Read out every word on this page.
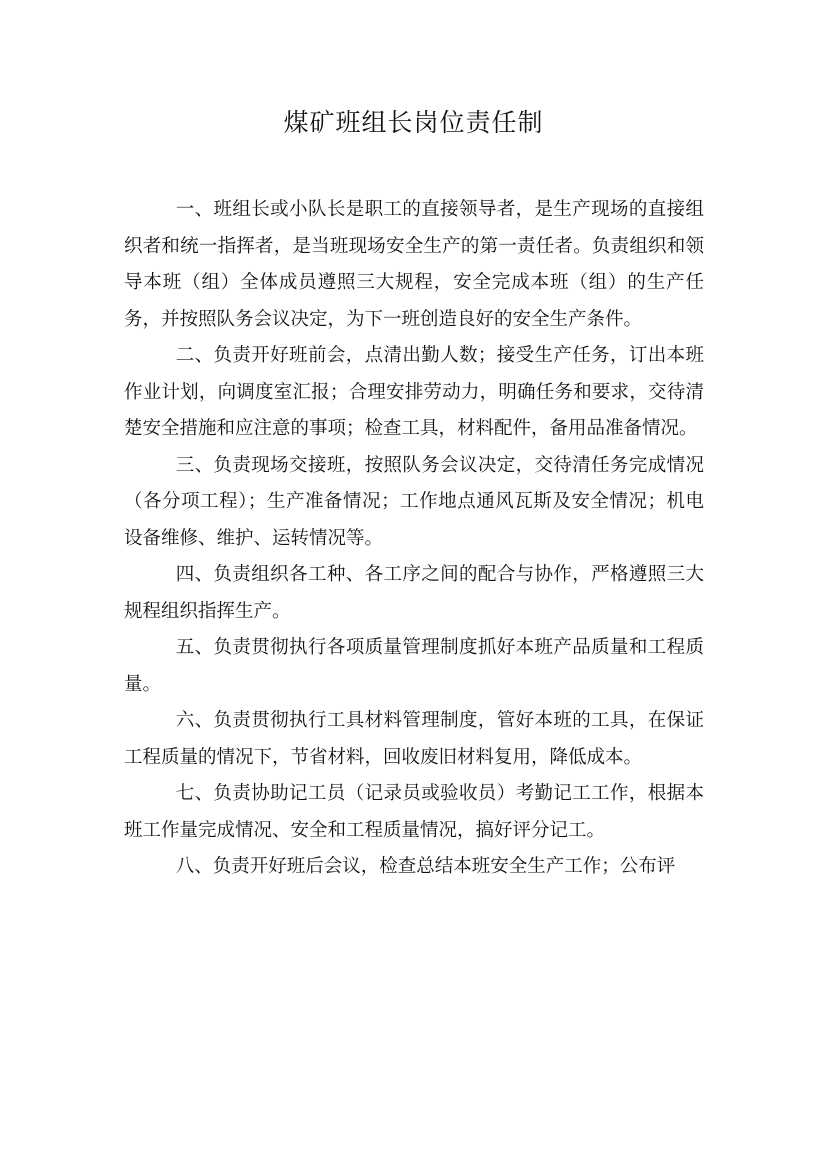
煤矿班组长岗位责任制

一、班组长或小队长是职工的直接领导者，是生产现场的直接组织者和统一指挥者，是当班现场安全生产的第一责任者。负责组织和领导本班（组）全体成员遵照三大规程，安全完成本班（组）的生产任务，并按照队务会议决定，为下一班创造良好的安全生产条件。

二、负责开好班前会，点清出勤人数；接受生产任务，订出本班作业计划，向调度室汇报；合理安排劳动力，明确任务和要求，交待清楚安全措施和应注意的事项；检查工具，材料配件，备用品准备情况。

三、负责现场交接班，按照队务会议决定，交待清任务完成情况（各分项工程）；生产准备情况；工作地点通风瓦斯及安全情况；机电设备维修、维护、运转情况等。

四、负责组织各工种、各工序之间的配合与协作，严格遵照三大规程组织指挥生产。

五、负责贯彻执行各项质量管理制度抓好本班产品质量和工程质量。

六、负责贯彻执行工具材料管理制度，管好本班的工具，在保证工程质量的情况下，节省材料，回收废旧材料复用，降低成本。

七、负责协助记工员（记录员或验收员）考勤记工工作，根据本班工作量完成情况、安全和工程质量情况，搞好评分记工。

八、负责开好班后会议，检查总结本班安全生产工作；公布评
